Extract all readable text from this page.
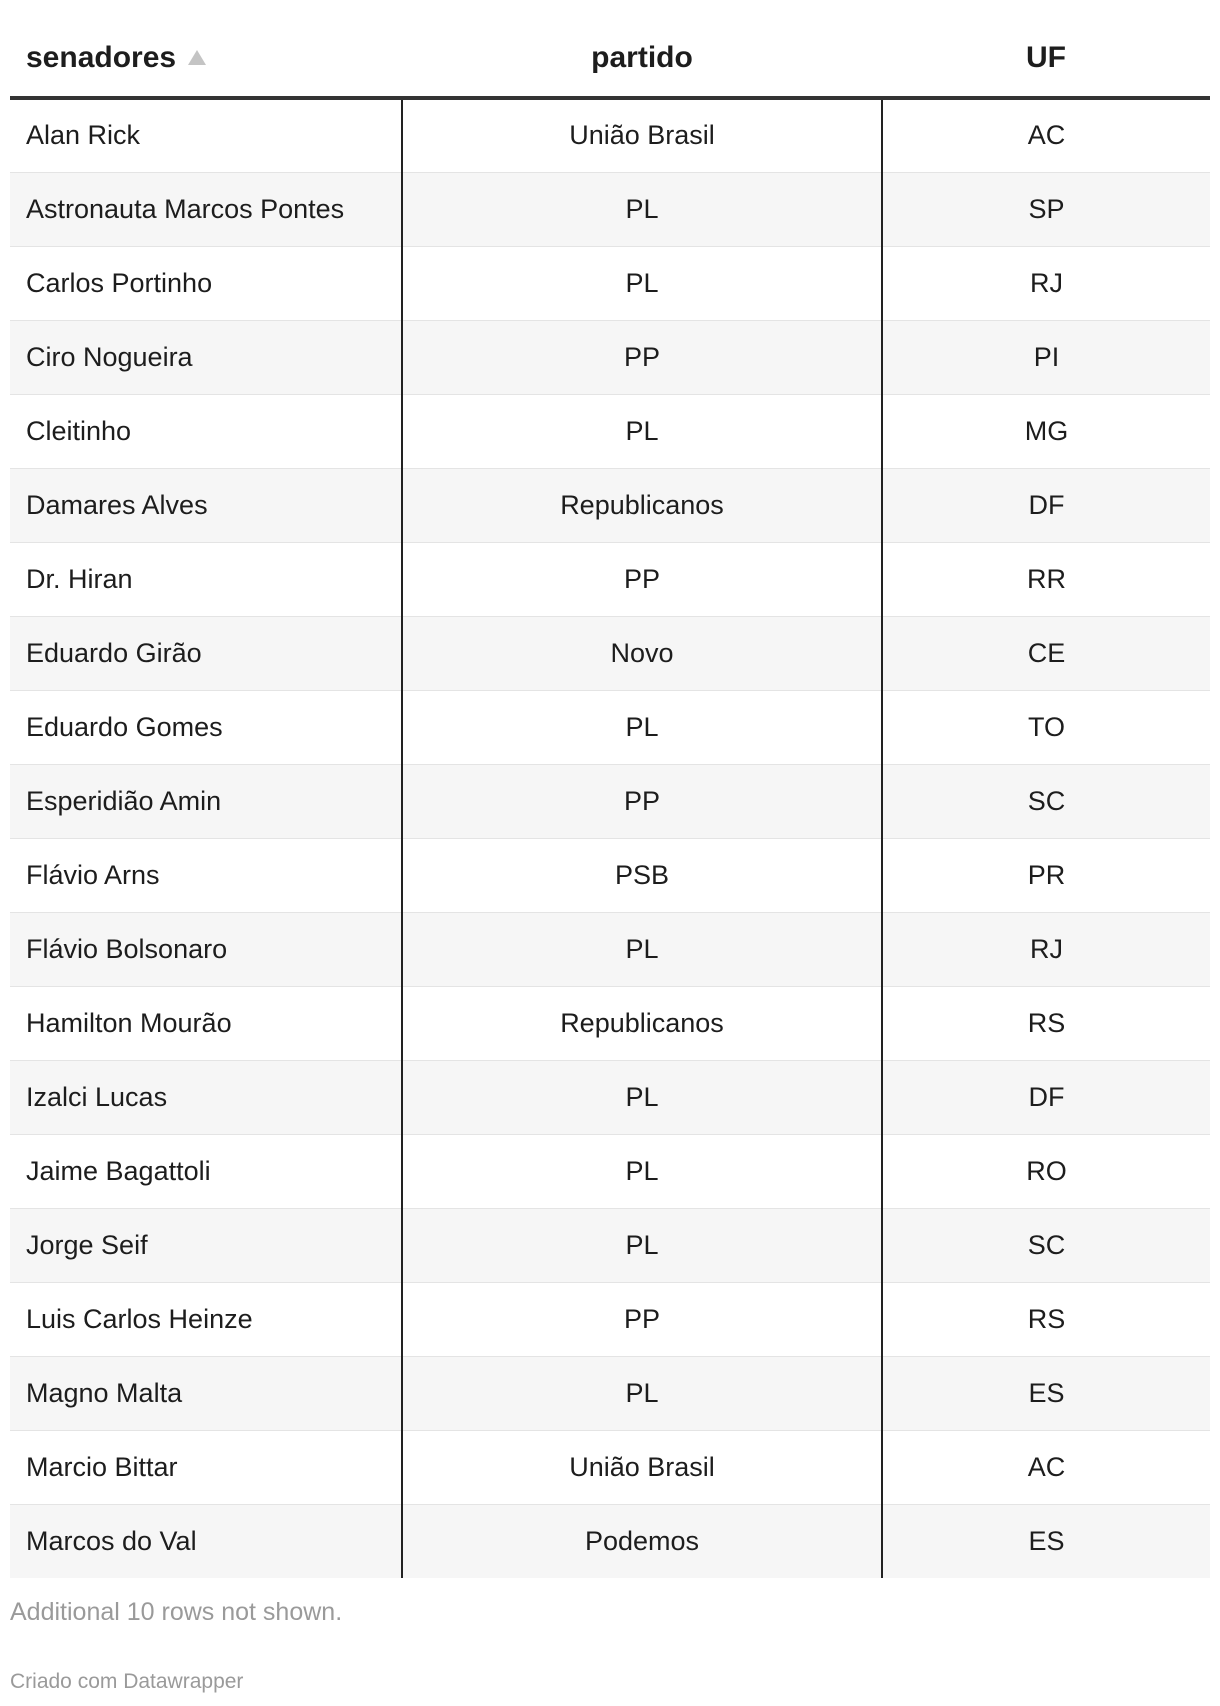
senadores	partido	UF
Alan Rick	União Brasil	AC
Astronauta Marcos Pontes	PL	SP
Carlos Portinho	PL	RJ
Ciro Nogueira	PP	PI
Cleitinho	PL	MG
Damares Alves	Republicanos	DF
Dr. Hiran	PP	RR
Eduardo Girão	Novo	CE
Eduardo Gomes	PL	TO
Esperidião Amin	PP	SC
Flávio Arns	PSB	PR
Flávio Bolsonaro	PL	RJ
Hamilton Mourão	Republicanos	RS
Izalci Lucas	PL	DF
Jaime Bagattoli	PL	RO
Jorge Seif	PL	SC
Luis Carlos Heinze	PP	RS
Magno Malta	PL	ES
Marcio Bittar	União Brasil	AC
Marcos do Val	Podemos	ES
Additional 10 rows not shown.
Criado com Datawrapper
